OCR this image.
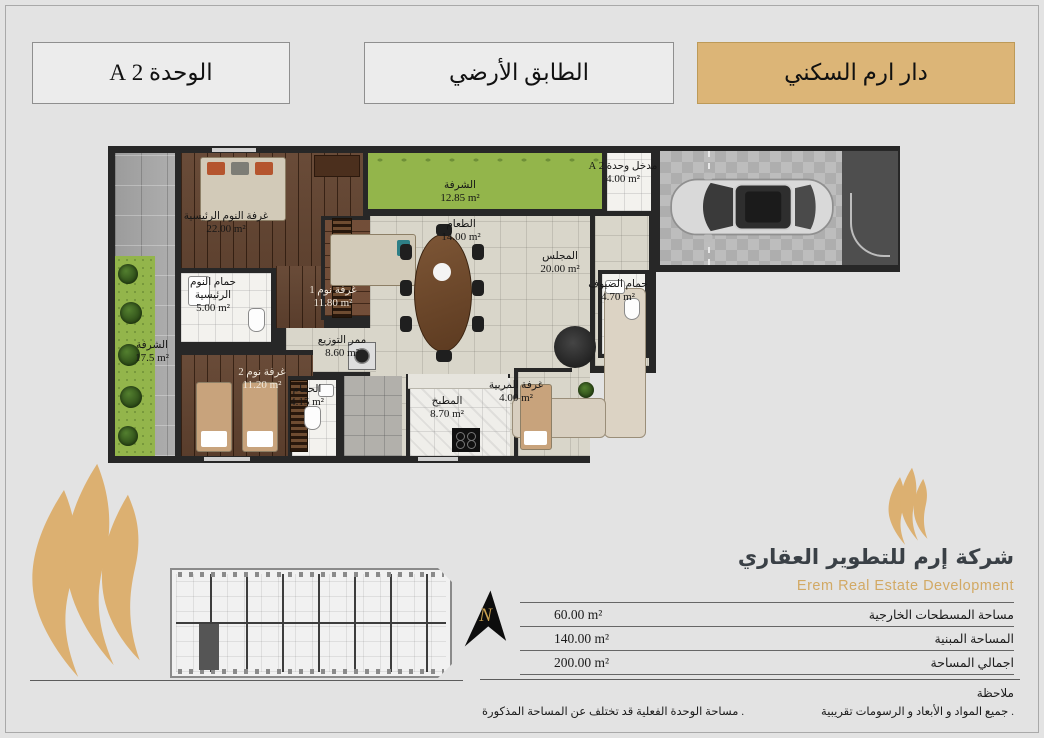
الوحدة 2 A	الطابق الأرضي	دار ارم السكني
غرفة النوم الرئيسية
22.00 m²
حمام النوم الرئيسية
5.00 m²
غرفة نوم 1
11.80 m²
غرفة نوم 2
11.20 m²
ممر التوزيع
8.60 m²
الطعام
14.00 m²
المجلس
20.00 m²
حمام الضيوف
4.70 m²
مدخل وحدة 2 A
4.00 m²
الشرفة
12.85 m²
الشرفة
17.5 m²
المطبخ
8.70 m²
غرفة المربية
4.00 m²
الحمام
4.15 m²
N
شركة إرم للتطوير العقاري
Erem Real Estate Development
60.00 m²	مساحة المسطحات الخارجية
140.00 m²	المساحة المبنية
200.00 m²	اجمالي المساحة
ملاحظة
. جميع المواد و الأبعاد و الرسومات تقريبية
. مساحة الوحدة الفعلية قد تختلف عن المساحة المذكورة
